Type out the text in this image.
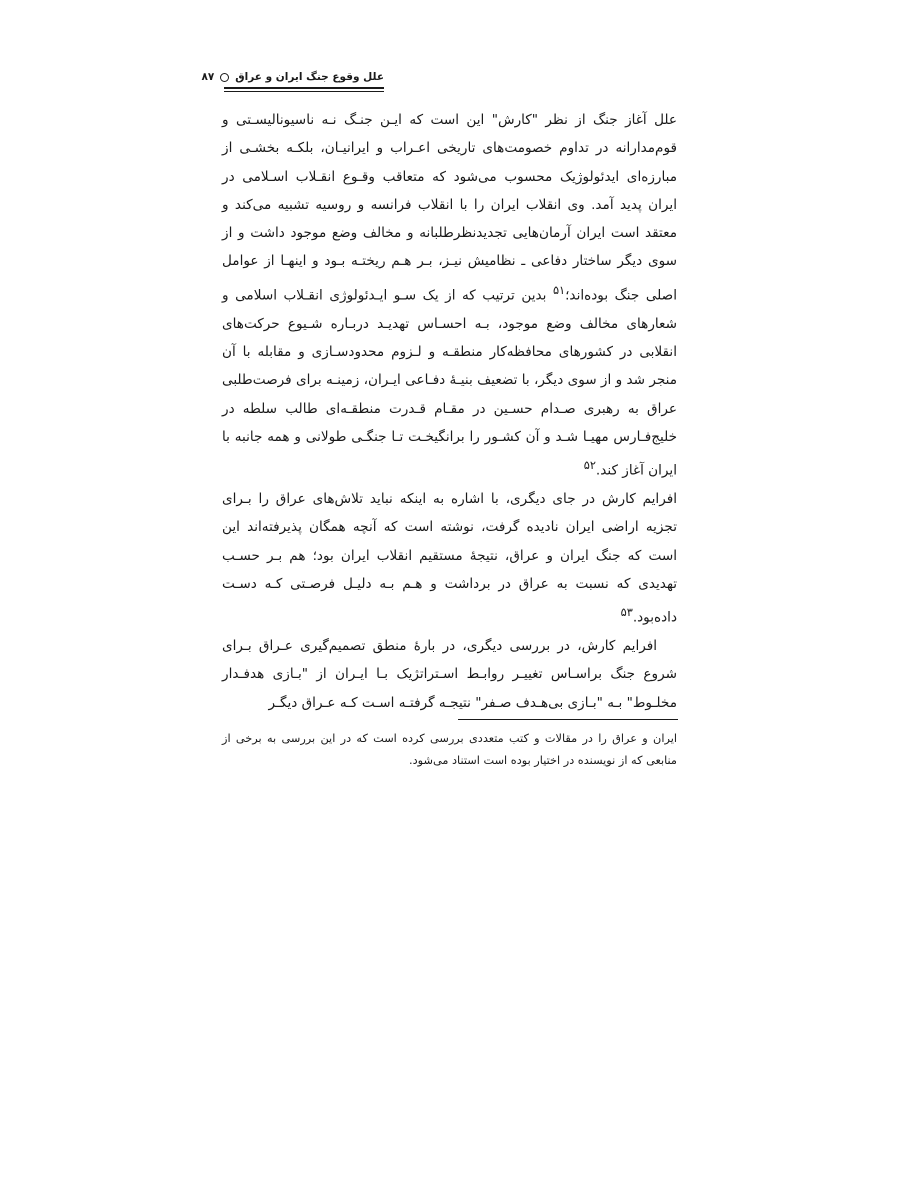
علل وقوع جنگ ایران و عراق۸۷

علل آغاز جنگ از نظر "کارش" این است که ایـن جنـگ نـه ناسیونالیسـتی و قوم‌مدارانه در تداوم خصومت‌های تاریخی اعـراب و ایرانیـان، بلکـه بخشـی از مبارزه‌ای ایدئولوژیک محسوب می‌شود که متعاقب وقـوع انقـلاب اسـلامی در ایران پدید آمد. وی انقلاب ایران را با انقلاب فرانسه و روسیه تشبیه می‌کند و معتقد است ایران آرمان‌هایی تجدیدنظرطلبانه و مخالف وضع موجود داشت و از سوی دیگر ساختار دفاعی ـ نظامیش نیـز، بـر هـم ریختـه بـود و اینهـا از عوامل اصلی جنگ بوده‌اند؛$^{۵۱}$ بدین ترتیب که از یک سـو ایـدئولوژی انقـلاب اسلامی و شعارهای مخالف وضع موجود، بـه احسـاس تهدیـد دربـاره شـیوع حرکت‌های انقلابی در کشورهای محافظه‌کار منطقـه و لـزوم محدودسـازی و مقابله با آن منجر شد و از سوی دیگر، با تضعیف بنیـهٔ دفـاعی ایـران، زمینـه برای فرصت‌طلبی عراق به رهبری صـدام حسـین در مقـام قـدرت منطقـه‌ای طالب سلطه در خلیج‌فـارس مهیـا شـد و آن کشـور را برانگیخـت تـا جنگـی طولانی و همه جانبه با ایران آغاز کند.$^{۵۲}$

افرایم کارش در جای دیگری، با اشاره به اینکه نباید تلاش‌های عراق را بـرای تجزیه اراضی ایران نادیده گرفت، نوشته است که آنچه همگان پذیرفته‌اند این است که جنگ ایران و عراق، نتیجهٔ مستقیم انقلاب ایران بود؛ هم بـر حسـب تهدیدی که نسبت به عراق در برداشت و هـم بـه دلیـل فرصـتی کـه دسـت داده‌بود.$^{۵۳}$

افرایم کارش، در بررسی دیگری، در بارهٔ منطق تصمیم‌گیری عـراق بـرای شروع جنگ براسـاس تغییـر روابـط اسـتراتژیک بـا ایـران از "بـازی هدفـدار مخلـوط" بـه "بـازی بی‌هـدف صـفر" نتیجـه گرفتـه اسـت کـه عـراق دیگـر

ایران و عراق را در مقالات و کتب متعددی بررسی کرده است که در این بررسی به برخی از منابعی که از نویسنده در اختیار بوده است استناد می‌شود.
